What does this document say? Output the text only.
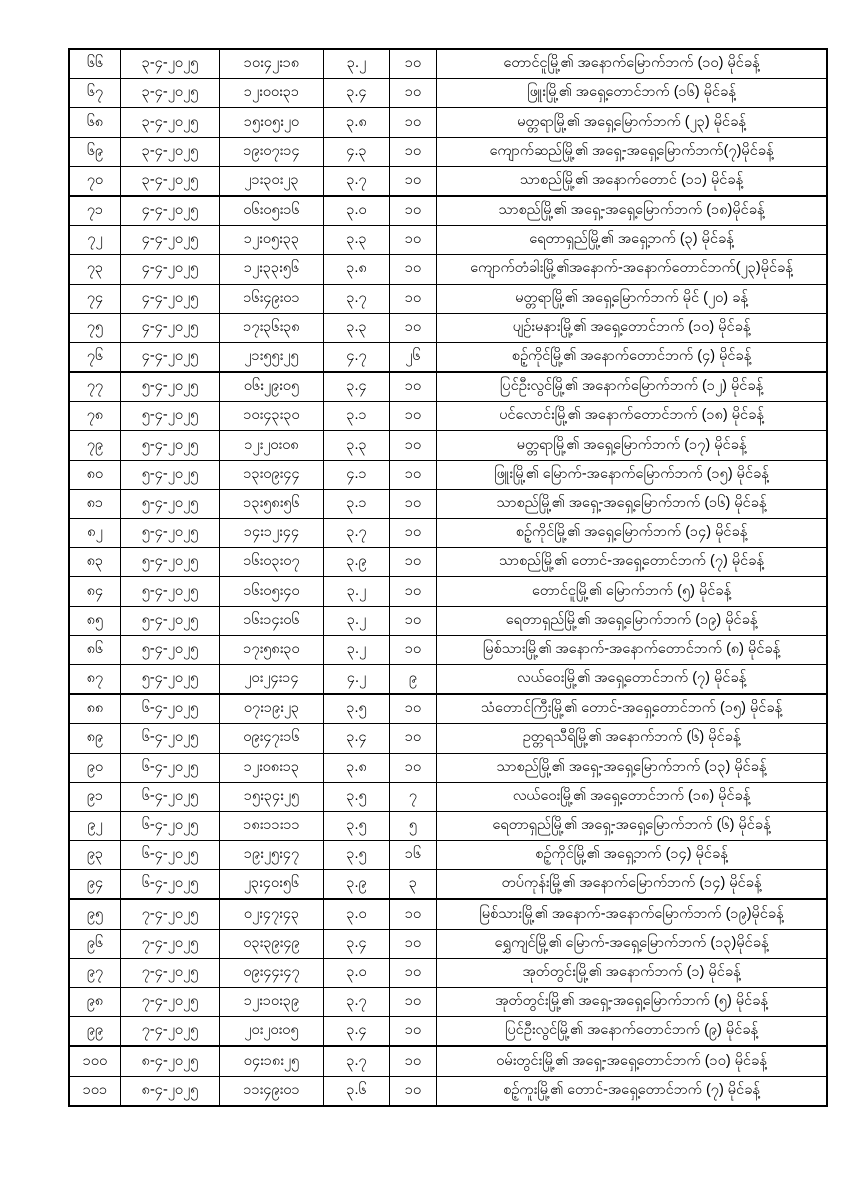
၆၆	၃-၄-၂၀၂၅	၁၀း၄၂း၁၈	၃.၂	၁၀	တောင်ငူမြို့၏ အနောက်မြောက်ဘက် (၁၀) မိုင်ခန့်
၆၇	၃-၄-၂၀၂၅	၁၂း၀၀း၃၁	၃.၄	၁၀	ဖြူးမြို့၏ အရှေ့တောင်ဘက် (၁၆) မိုင်ခန့်
၆၈	၃-၄-၂၀၂၅	၁၅း၀၅း၂၀	၃.၈	၁၀	မတ္တရာမြို့၏ အရှေ့မြောက်ဘက် (၂၃) မိုင်ခန့်
၆၉	၃-၄-၂၀၂၅	၁၉း၀၇း၁၄	၄.၃	၁၀	ကျောက်ဆည်မြို့၏ အရှေ့-အရှေ့မြောက်ဘက်(၇)မိုင်ခန့်
၇၀	၃-၄-၂၀၂၅	၂၁း၃၀း၂၃	၃.၇	၁၀	သာစည်မြို့၏ အနောက်တောင် (၁၁) မိုင်ခန့်
၇၁	၄-၄-၂၀၂၅	၀၆း၀၅း၁၆	၃.၀	၁၀	သာစည်မြို့၏ အရှေ့-အရှေ့မြောက်ဘက် (၁၈)မိုင်ခန့်
၇၂	၄-၄-၂၀၂၅	၁၂း၀၅း၃၃	၃.၃	၁၀	ရေတာရှည်မြို့၏ အရှေ့ဘက် (၃) မိုင်ခန့်
၇၃	၄-၄-၂၀၂၅	၁၂း၃၃း၅၆	၃.၈	၁၀	ကျောက်တံခါးမြို့၏အနောက်-အနောက်တောင်ဘက်(၂၃)မိုင်ခန့်
၇၄	၄-၄-၂၀၂၅	၁၆း၄၉း၀၁	၃.၇	၁၀	မတ္တရာမြို့၏ အရှေ့မြောက်ဘက် မိုင် (၂၀) ခန့်
၇၅	၄-၄-၂၀၂၅	၁၇း၃၆း၃၈	၃.၃	၁၀	ပျဉ်းမနားမြို့၏ အရှေ့တောင်ဘက် (၁၀) မိုင်ခန့်
၇၆	၄-၄-၂၀၂၅	၂၁း၅၅း၂၅	၄.၇	၂၆	စဉ့်ကိုင်မြို့၏ အနောက်တောင်ဘက် (၄) မိုင်ခန့်
၇၇	၅-၄-၂၀၂၅	၀၆း၂၉း၀၅	၃.၄	၁၀	ပြင်ဦးလွင်မြို့၏ အနောက်မြောက်ဘက် (၁၂) မိုင်ခန့်
၇၈	၅-၄-၂၀၂၅	၁၀း၄၃း၃၀	၃.၁	၁၀	ပင်လောင်းမြို့၏ အနောက်တောင်ဘက် (၁၈) မိုင်ခန့်
၇၉	၅-၄-၂၀၂၅	၁၂း၂၀း၀၈	၃.၃	၁၀	မတ္တရာမြို့၏ အရှေ့မြောက်ဘက် (၁၇) မိုင်ခန့်
၈၀	၅-၄-၂၀၂၅	၁၃း၀၉း၄၄	၄.၁	၁၀	ဖြူးမြို့၏ မြောက်-အနောက်မြောက်ဘက် (၁၅) မိုင်ခန့်
၈၁	၅-၄-၂၀၂၅	၁၃း၅၈း၅၆	၃.၁	၁၀	သာစည်မြို့၏ အရှေ့-အရှေ့မြောက်ဘက် (၁၆) မိုင်ခန့်
၈၂	၅-၄-၂၀၂၅	၁၄း၁၂း၄၄	၃.၇	၁၀	စဉ့်ကိုင်မြို့၏ အရှေ့မြောက်ဘက် (၁၄) မိုင်ခန့်
၈၃	၅-၄-၂၀၂၅	၁၆း၀၃း၀၇	၃.၉	၁၀	သာစည်မြို့၏ တောင်-အရှေ့တောင်ဘက် (၇) မိုင်ခန့်
၈၄	၅-၄-၂၀၂၅	၁၆း၀၅း၄၀	၃.၂	၁၀	တောင်ငူမြို့၏ မြောက်ဘက် (၅) မိုင်ခန့်
၈၅	၅-၄-၂၀၂၅	၁၆း၁၄း၀၆	၃.၂	၁၀	ရေတာရှည်မြို့၏ အရှေ့မြောက်ဘက် (၁၉) မိုင်ခန့်
၈၆	၅-၄-၂၀၂၅	၁၇း၅၈း၃၀	၃.၂	၁၀	မြစ်သားမြို့၏ အနောက်-အနောက်တောင်ဘက် (၈) မိုင်ခန့်
၈၇	၅-၄-၂၀၂၅	၂၀း၂၄း၁၄	၄.၂	၉	လယ်ဝေးမြို့၏ အရှေ့တောင်ဘက် (၇) မိုင်ခန့်
၈၈	၆-၄-၂၀၂၅	၀၇း၁၉း၂၃	၃.၅	၁၀	သံတောင်ကြီးမြို့၏ တောင်-အရှေ့တောင်ဘက် (၁၅) မိုင်ခန့်
၈၉	၆-၄-၂၀၂၅	၀၉း၄၇း၁၆	၃.၄	၁၀	ဥတ္တရသီရိမြို့၏ အနောက်ဘက် (၆) မိုင်ခန့်
၉၀	၆-၄-၂၀၂၅	၁၂း၀၈း၁၃	၃.၈	၁၀	သာစည်မြို့၏ အရှေ့-အရှေ့မြောက်ဘက် (၁၃) မိုင်ခန့်
၉၁	၆-၄-၂၀၂၅	၁၅း၃၄း၂၅	၃.၅	၇	လယ်ဝေးမြို့၏ အရှေ့တောင်ဘက် (၁၈) မိုင်ခန့်
၉၂	၆-၄-၂၀၂၅	၁၈း၁၁း၁၁	၃.၅	၅	ရေတာရှည်မြို့၏ အရှေ့-အရှေ့မြောက်ဘက် (၆) မိုင်ခန့်
၉၃	၆-၄-၂၀၂၅	၁၉း၂၅း၄၇	၃.၅	၁၆	စဉ့်ကိုင်မြို့၏ အရှေ့ဘက် (၁၄) မိုင်ခန့်
၉၄	၆-၄-၂၀၂၅	၂၃း၄၀း၅၆	၃.၉	၃	တပ်ကုန်းမြို့၏ အနောက်မြောက်ဘက် (၁၄) မိုင်ခန့်
၉၅	၇-၄-၂၀၂၅	၀၂း၄၇း၄၃	၃.၀	၁၀	မြစ်သားမြို့၏ အနောက်-အနောက်မြောက်ဘက် (၁၉)မိုင်ခန့်
၉၆	၇-၄-၂၀၂၅	၀၃း၃၉း၄၉	၃.၄	၁၀	ရွှေကျင်မြို့၏ မြောက်-အရှေ့မြောက်ဘက် (၁၃)မိုင်ခန့်
၉၇	၇-၄-၂၀၂၅	၀၉း၄၄း၄၇	၃.၀	၁၀	အုတ်တွင်းမြို့၏ အနောက်ဘက် (၁) မိုင်ခန့်
၉၈	၇-၄-၂၀၂၅	၁၂း၁၀း၃၉	၃.၇	၁၀	အုတ်တွင်းမြို့၏ အရှေ့-အရှေ့မြောက်ဘက် (၅) မိုင်ခန့်
၉၉	၇-၄-၂၀၂၅	၂၀း၂၀း၀၅	၃.၄	၁၀	ပြင်ဦးလွင်မြို့၏ အနောက်တောင်ဘက် (၉) မိုင်ခန့်
၁၀၀	၈-၄-၂၀၂၅	၀၄း၁၈း၂၅	၃.၇	၁၀	ဝမ်းတွင်းမြို့၏ အရှေ့-အရှေ့တောင်ဘက် (၁၀) မိုင်ခန့်
၁၀၁	၈-၄-၂၀၂၅	၁၁း၄၉း၀၁	၃.၆	၁၀	စဉ့်ကူးမြို့၏ တောင်-အရှေ့တောင်ဘက် (၇) မိုင်ခန့်
